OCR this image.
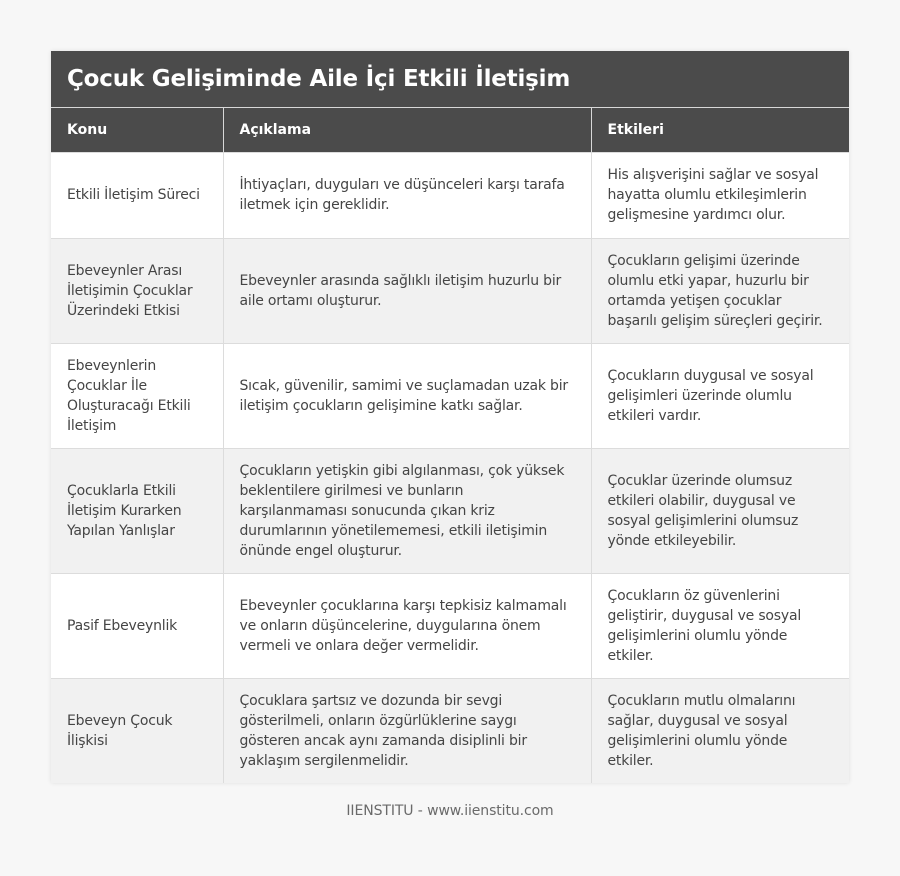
Çocuk Gelişiminde Aile İçi Etkili İletişim
Konu	Açıklama	Etkileri
Etkili İletişim Süreci	İhtiyaçları, duyguları ve düşünceleri karşı tarafa iletmek için gereklidir.	His alışverişini sağlar ve sosyal hayatta olumlu etkileşimlerin gelişmesine yardımcı olur.
Ebeveynler Arası İletişimin Çocuklar Üzerindeki Etkisi	Ebeveynler arasında sağlıklı iletişim huzurlu bir aile ortamı oluşturur.	Çocukların gelişimi üzerinde olumlu etki yapar, huzurlu bir ortamda yetişen çocuklar başarılı gelişim süreçleri geçirir.
Ebeveynlerin Çocuklar İle Oluşturacağı Etkili İletişim	Sıcak, güvenilir, samimi ve suçlamadan uzak bir iletişim çocukların gelişimine katkı sağlar.	Çocukların duygusal ve sosyal gelişimleri üzerinde olumlu etkileri vardır.
Çocuklarla Etkili İletişim Kurarken Yapılan Yanlışlar	Çocukların yetişkin gibi algılanması, çok yüksek beklentilere girilmesi ve bunların karşılanmaması sonucunda çıkan kriz durumlarının yönetilememesi, etkili iletişimin önünde engel oluşturur.	Çocuklar üzerinde olumsuz etkileri olabilir, duygusal ve sosyal gelişimlerini olumsuz yönde etkileyebilir.
Pasif Ebeveynlik	Ebeveynler çocuklarına karşı tepkisiz kalmamalı ve onların düşüncelerine, duygularına önem vermeli ve onlara değer vermelidir.	Çocukların öz güvenlerini geliştirir, duygusal ve sosyal gelişimlerini olumlu yönde etkiler.
Ebeveyn Çocuk İlişkisi	Çocuklara şartsız ve dozunda bir sevgi gösterilmeli, onların özgürlüklerine saygı gösteren ancak aynı zamanda disiplinli bir yaklaşım sergilenmelidir.	Çocukların mutlu olmalarını sağlar, duygusal ve sosyal gelişimlerini olumlu yönde etkiler.
IIENSTITU - www.iienstitu.com
